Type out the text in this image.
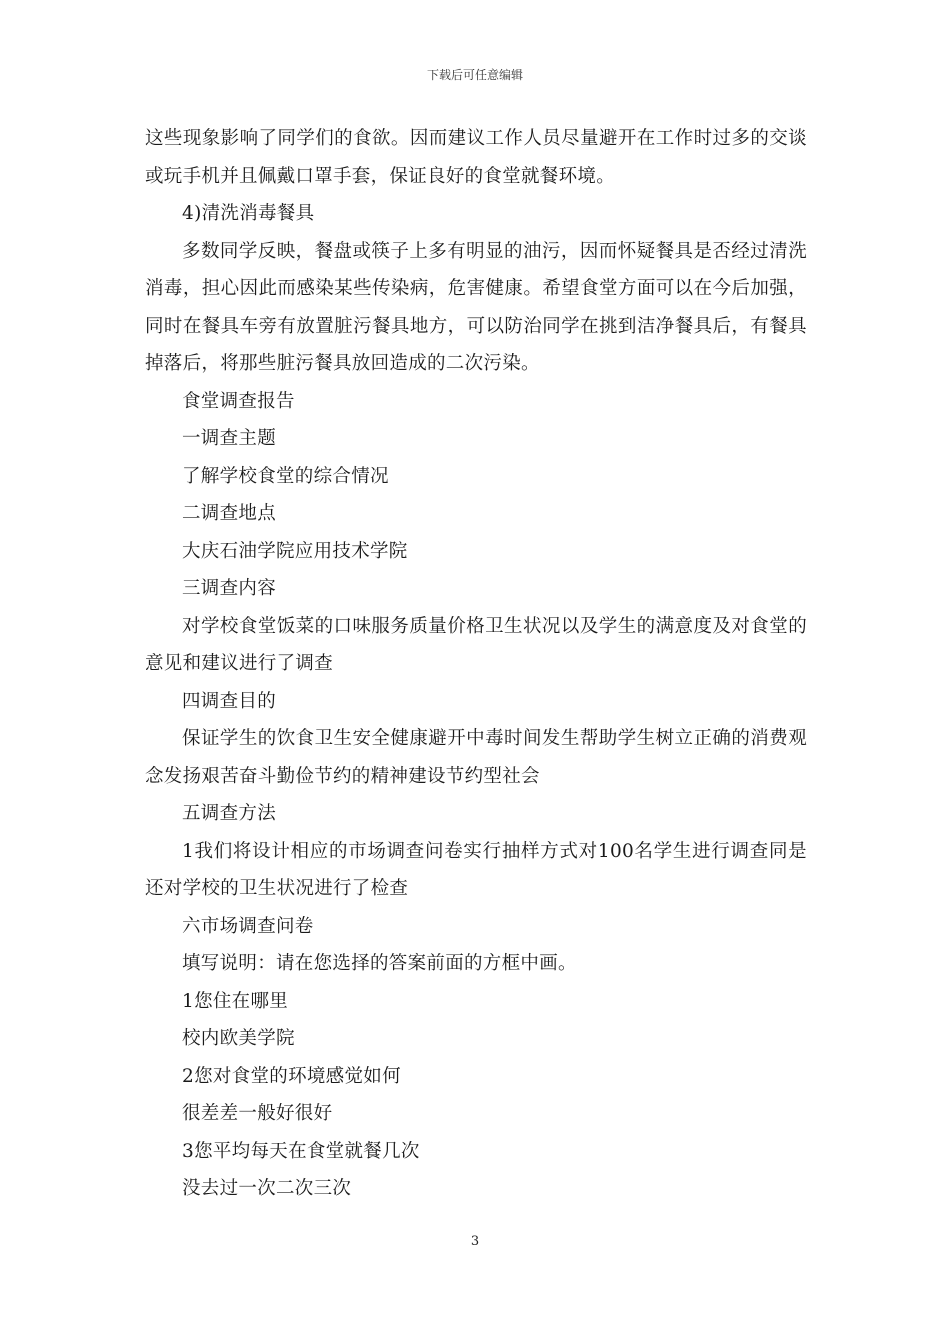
下载后可任意编辑

这些现象影响了同学们的食欲。因而建议工作人员尽量避开在工作时过多的交谈或玩手机并且佩戴口罩手套，保证良好的食堂就餐环境。

4)清洗消毒餐具

多数同学反映，餐盘或筷子上多有明显的油污，因而怀疑餐具是否经过清洗消毒，担心因此而感染某些传染病，危害健康。希望食堂方面可以在今后加强，同时在餐具车旁有放置脏污餐具地方，可以防治同学在挑到洁净餐具后，有餐具掉落后，将那些脏污餐具放回造成的二次污染。

食堂调查报告

一调查主题

了解学校食堂的综合情况

二调查地点

大庆石油学院应用技术学院

三调查内容

对学校食堂饭菜的口味服务质量价格卫生状况以及学生的满意度及对食堂的意见和建议进行了调查

四调查目的

保证学生的饮食卫生安全健康避开中毒时间发生帮助学生树立正确的消费观念发扬艰苦奋斗勤俭节约的精神建设节约型社会

五调查方法

1我们将设计相应的市场调查问卷实行抽样方式对100名学生进行调查同是还对学校的卫生状况进行了检查

六市场调查问卷

填写说明：请在您选择的答案前面的方框中画。

1您住在哪里

校内欧美学院

2您对食堂的环境感觉如何

很差差一般好很好

3您平均每天在食堂就餐几次

没去过一次二次三次

3
